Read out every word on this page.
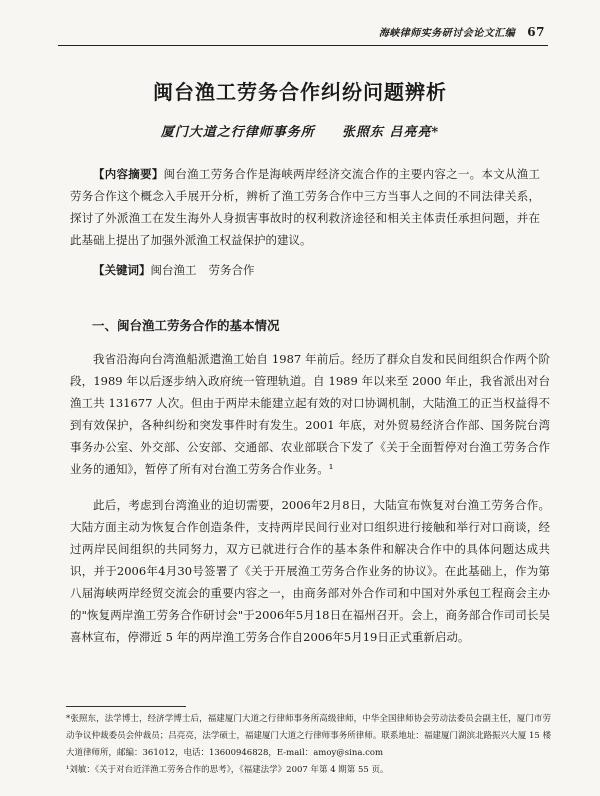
海峡律师实务研讨会论文汇编 67
闽台渔工劳务合作纠纷问题辨析
厦门大道之行律师事务所 张照东 吕亮亮*
【内容摘要】闽台渔工劳务合作是海峡两岸经济交流合作的主要内容之一。本文从渔工劳务合作这个概念入手展开分析，辨析了渔工劳务合作中三方当事人之间的不同法律关系，探讨了外派渔工在发生海外人身损害事故时的权利救济途径和相关主体责任承担问题，并在此基础上提出了加强外派渔工权益保护的建议。
【关键词】闽台渔工 劳务合作
一、闽台渔工劳务合作的基本情况
我省沿海向台湾渔船派遣渔工始自 1987 年前后。经历了群众自发和民间组织合作两个阶段，1989 年以后逐步纳入政府统一管理轨道。自 1989 年以来至 2000 年止，我省派出对台渔工共 131677 人次。但由于两岸未能建立起有效的对口协调机制，大陆渔工的正当权益得不到有效保护，各种纠纷和突发事件时有发生。2001 年底，对外贸易经济合作部、国务院台湾事务办公室、外交部、公安部、交通部、农业部联合下发了《关于全面暂停对台渔工劳务合作业务的通知》，暂停了所有对台渔工劳务合作业务。¹
此后，考虑到台湾渔业的迫切需要，2006年2月8日，大陆宣布恢复对台渔工劳务合作。大陆方面主动为恢复合作创造条件，支持两岸民间行业对口组织进行接触和举行对口商谈，经过两岸民间组织的共同努力，双方已就进行合作的基本条件和解决合作中的具体问题达成共识，并于2006年4月30号签署了《关于开展渔工劳务合作业务的协议》。在此基础上，作为第八届海峡两岸经贸交流会的重要内容之一，由商务部对外合作司和中国对外承包工程商会主办的"恢复两岸渔工劳务合作研讨会"于2006年5月18日在福州召开。会上，商务部合作司司长吴喜林宣布，停滞近 5 年的两岸渔工劳务合作自2006年5月19日正式重新启动。

*张照东，法学博士，经济学博士后，福建厦门大道之行律师事务所高级律师，中华全国律师协会劳动法委员会副主任，厦门市劳动争议仲裁委员会仲裁员；吕亮亮，法学硕士，福建厦门大道之行律师事务所律师。联系地址：福建厦门湖滨北路振兴大厦 15 楼大道律师所，邮编：361012，电话：13600946828，E-mail：amoy@sina.com

¹刘敏：《关于对台近洋渔工劳务合作的思考》，《福建法学》2007 年第 4 期第 55 页。
